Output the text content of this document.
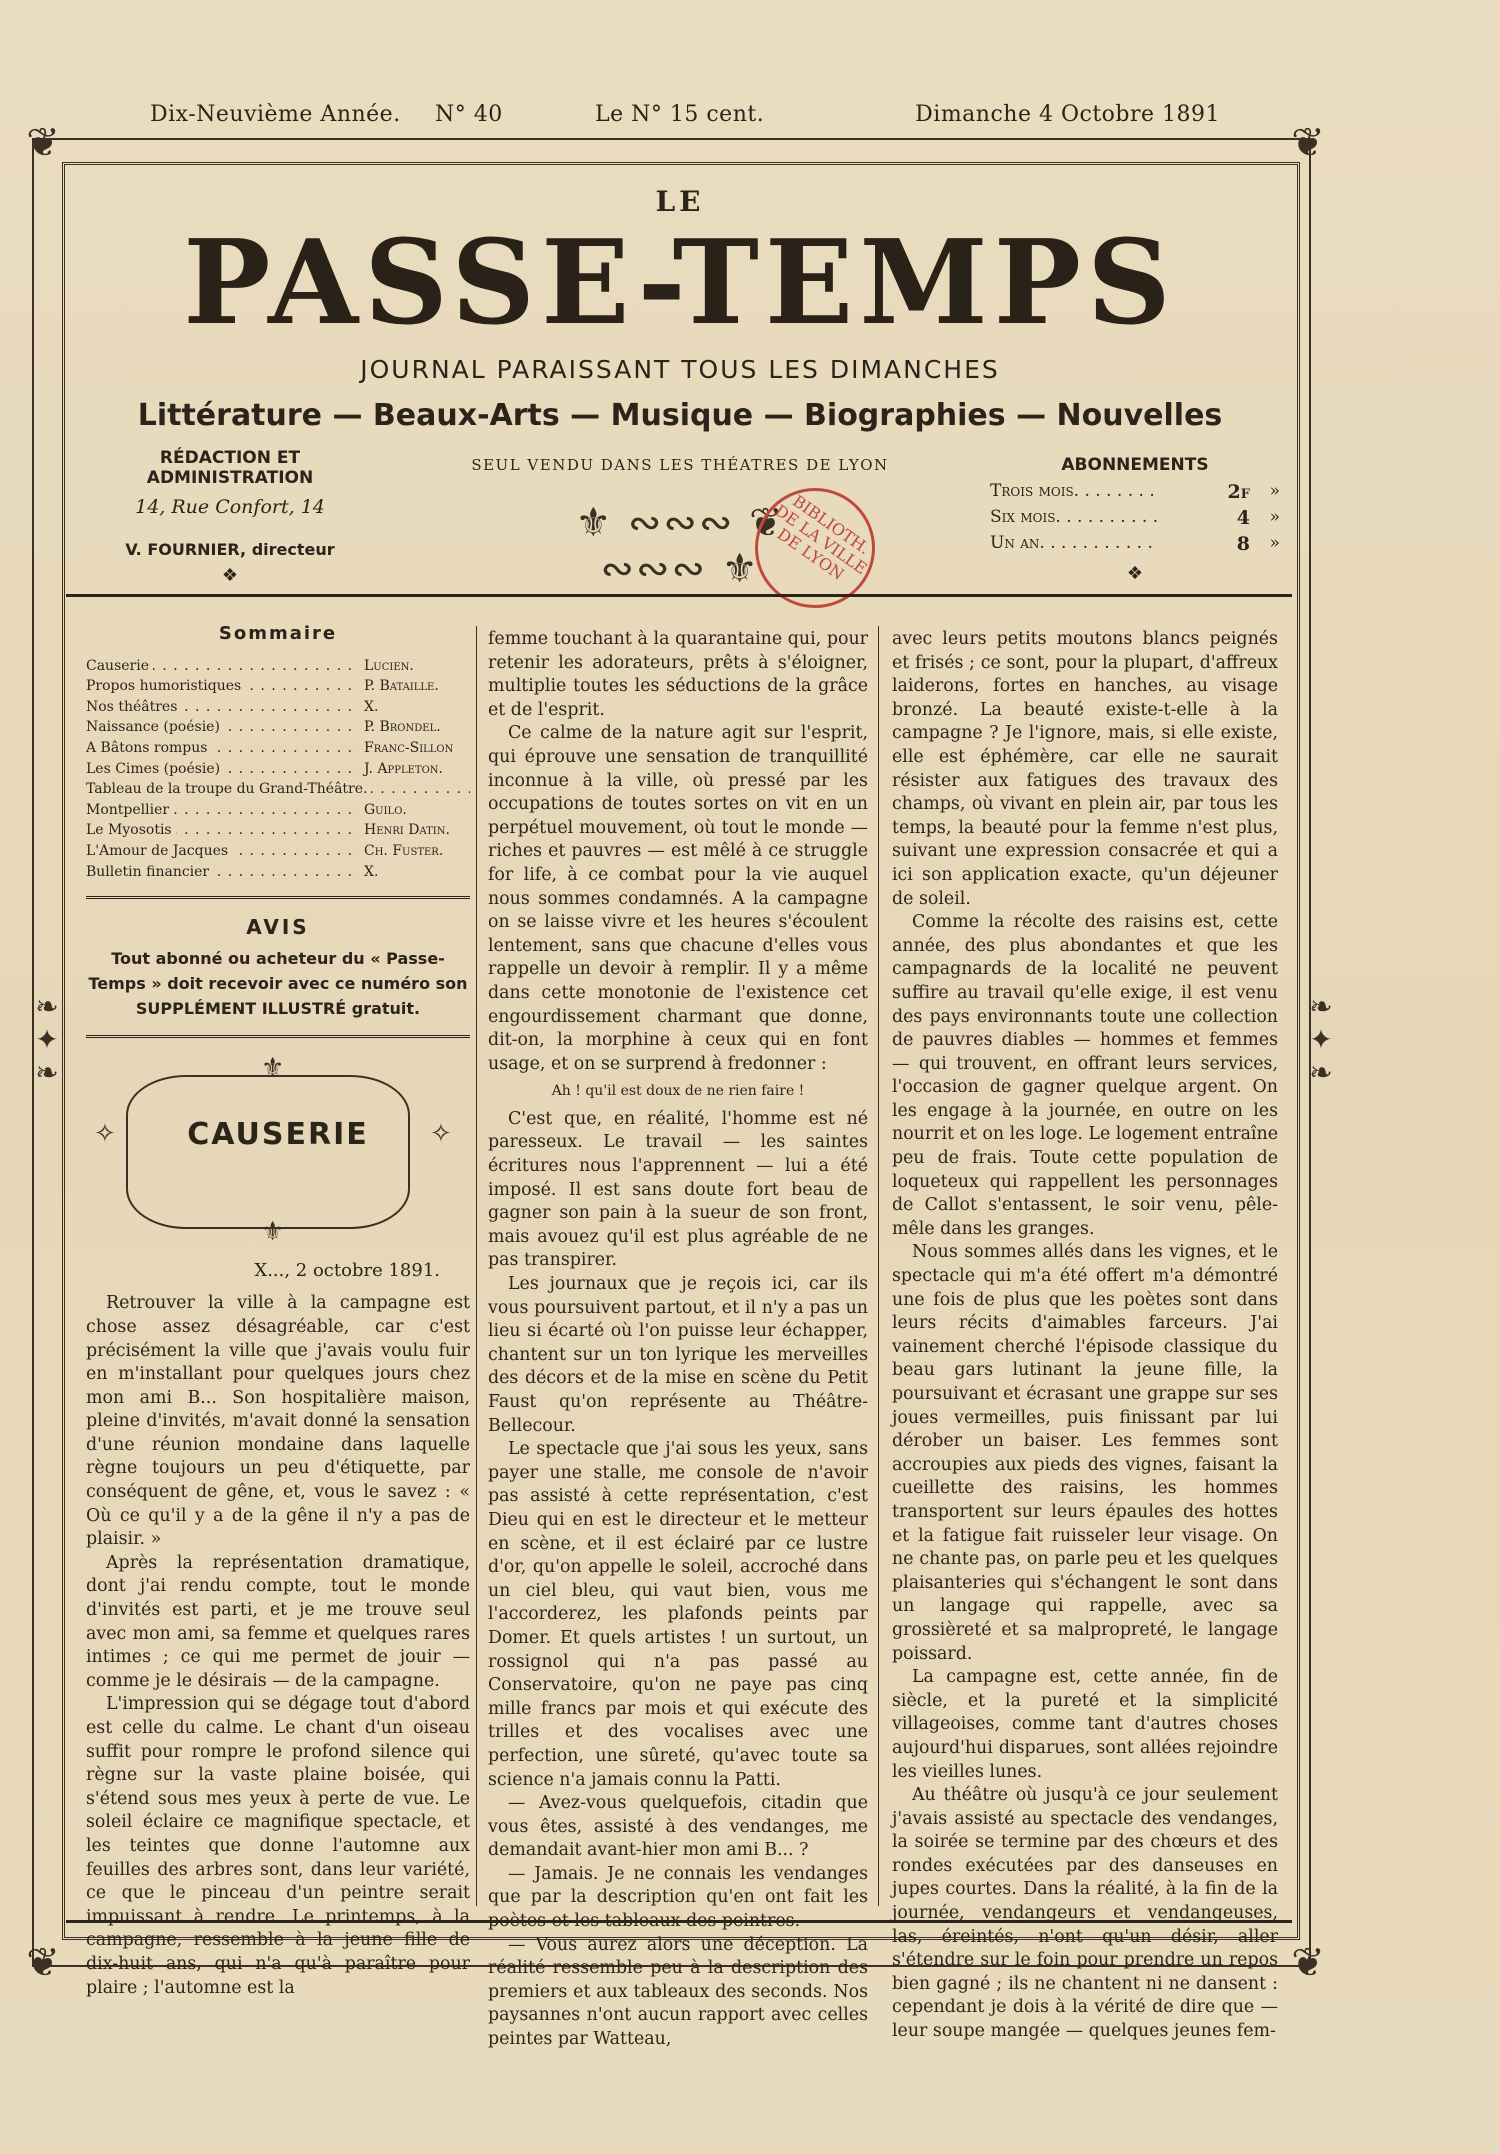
Dix-Neuvième Année. N° 40	Le N° 15 cent.	Dimanche 4 Octobre 1891
❦	❦
❦	❦
❧
✦
❧
❧
✦
❧
LE
PASSE-TEMPS
JOURNAL PARAISSANT TOUS LES DIMANCHES
Littérature — Beaux-Arts — Musique — Biographies — Nouvelles
RÉDACTION ET ADMINISTRATION
14, Rue Confort, 14
V. FOURNIER, directeur
❖
SEUL VENDU DANS LES THÉATRES DE LYON
⚜ ∾∾∾ ❦ ∾∾∾ ⚜
BIBLIOTH. DE LA VILLE DE LYON
ABONNEMENTS
Trois mois. . . . . . . .	2f »
Six mois. . . . . . . . . .	4 »
Un an. . . . . . . . . . .	8 »
❖
Sommaire
. . . Causerie	Lucien.
. . . Propos humoristiques	P. Bataille.
. . . Nos théâtres	X.
. . . Naissance (poésie)	P. Brondel.
. . . A Bâtons rompus	Franc-Sillon
. . . Les Cimes (poésie)	J. Appleton.
. . . Tableau de la troupe du Grand-Théâtre.
. . . Montpellier	Guilo.
. . . Le Myosotis	Henri Datin.
. . . L'Amour de Jacques	Ch. Fuster.
. . . Bulletin financier	X.
AVIS
Tout abonné ou acheteur du « Passe-Temps » doit recevoir avec ce numéro son SUPPLÉMENT ILLUSTRÉ gratuit.
⚜
⚜
✧	✧
CAUSERIE
X..., 2 octobre 1891.

Retrouver la ville à la campagne est chose assez désagréable, car c'est précisément la ville que j'avais voulu fuir en m'installant pour quelques jours chez mon ami B... Son hospitalière maison, pleine d'invités, m'avait donné la sensation d'une réunion mondaine dans laquelle règne toujours un peu d'étiquette, par conséquent de gêne, et, vous le savez : « Où ce qu'il y a de la gêne il n'y a pas de plaisir. »

Après la représentation dramatique, dont j'ai rendu compte, tout le monde d'invités est parti, et je me trouve seul avec mon ami, sa femme et quelques rares intimes ; ce qui me permet de jouir — comme je le désirais — de la campagne.

L'impression qui se dégage tout d'abord est celle du calme. Le chant d'un oiseau suffit pour rompre le profond silence qui règne sur la vaste plaine boisée, qui s'étend sous mes yeux à perte de vue. Le soleil éclaire ce magnifique spectacle, et les teintes que donne l'automne aux feuilles des arbres sont, dans leur variété, ce que le pinceau d'un peintre serait impuissant à rendre. Le printemps, à la campagne, ressemble à la jeune fille de dix-huit ans, qui n'a qu'à paraître pour plaire ; l'automne est la

femme touchant à la quarantaine qui, pour retenir les adorateurs, prêts à s'éloigner, multiplie toutes les séductions de la grâce et de l'esprit.

Ce calme de la nature agit sur l'esprit, qui éprouve une sensation de tranquillité inconnue à la ville, où pressé par les occupations de toutes sortes on vit en un perpétuel mouvement, où tout le monde — riches et pauvres — est mêlé à ce struggle for life, à ce combat pour la vie auquel nous sommes condamnés. A la campagne on se laisse vivre et les heures s'écoulent lentement, sans que chacune d'elles vous rappelle un devoir à remplir. Il y a même dans cette monotonie de l'existence cet engourdissement charmant que donne, dit-on, la morphine à ceux qui en font usage, et on se surprend à fredonner :

Ah ! qu'il est doux de ne rien faire !

C'est que, en réalité, l'homme est né paresseux. Le travail — les saintes écritures nous l'apprennent — lui a été imposé. Il est sans doute fort beau de gagner son pain à la sueur de son front, mais avouez qu'il est plus agréable de ne pas transpirer.

Les journaux que je reçois ici, car ils vous poursuivent partout, et il n'y a pas un lieu si écarté où l'on puisse leur échapper, chantent sur un ton lyrique les merveilles des décors et de la mise en scène du Petit Faust qu'on représente au Théâtre-Bellecour.

Le spectacle que j'ai sous les yeux, sans payer une stalle, me console de n'avoir pas assisté à cette représentation, c'est Dieu qui en est le directeur et le metteur en scène, et il est éclairé par ce lustre d'or, qu'on appelle le soleil, accroché dans un ciel bleu, qui vaut bien, vous me l'accorderez, les plafonds peints par Domer. Et quels artistes ! un surtout, un rossignol qui n'a pas passé au Conservatoire, qu'on ne paye pas cinq mille francs par mois et qui exécute des trilles et des vocalises avec une perfection, une sûreté, qu'avec toute sa science n'a jamais connu la Patti.

— Avez-vous quelquefois, citadin que vous êtes, assisté à des vendanges, me demandait avant-hier mon ami B... ?

— Jamais. Je ne connais les vendanges que par la description qu'en ont fait les poètes et les tableaux des peintres.

— Vous aurez alors une déception. La réalité ressemble peu à la description des premiers et aux tableaux des seconds. Nos paysannes n'ont aucun rapport avec celles peintes par Watteau,

avec leurs petits moutons blancs peignés et frisés ; ce sont, pour la plupart, d'affreux laiderons, fortes en hanches, au visage bronzé. La beauté existe-t-elle à la campagne ? Je l'ignore, mais, si elle existe, elle est éphémère, car elle ne saurait résister aux fatigues des travaux des champs, où vivant en plein air, par tous les temps, la beauté pour la femme n'est plus, suivant une expression consacrée et qui a ici son application exacte, qu'un déjeuner de soleil.

Comme la récolte des raisins est, cette année, des plus abondantes et que les campagnards de la localité ne peuvent suffire au travail qu'elle exige, il est venu des pays environnants toute une collection de pauvres diables — hommes et femmes — qui trouvent, en offrant leurs services, l'occasion de gagner quelque argent. On les engage à la journée, en outre on les nourrit et on les loge. Le logement entraîne peu de frais. Toute cette population de loqueteux qui rappellent les personnages de Callot s'entassent, le soir venu, pêle-mêle dans les granges.

Nous sommes allés dans les vignes, et le spectacle qui m'a été offert m'a démontré une fois de plus que les poètes sont dans leurs récits d'aimables farceurs. J'ai vainement cherché l'épisode classique du beau gars lutinant la jeune fille, la poursuivant et écrasant une grappe sur ses joues vermeilles, puis finissant par lui dérober un baiser. Les femmes sont accroupies aux pieds des vignes, faisant la cueillette des raisins, les hommes transportent sur leurs épaules des hottes et la fatigue fait ruisseler leur visage. On ne chante pas, on parle peu et les quelques plaisanteries qui s'échangent le sont dans un langage qui rappelle, avec sa grossièreté et sa malpropreté, le langage poissard.

La campagne est, cette année, fin de siècle, et la pureté et la simplicité villageoises, comme tant d'autres choses aujourd'hui disparues, sont allées rejoindre les vieilles lunes.

Au théâtre où jusqu'à ce jour seulement j'avais assisté au spectacle des vendanges, la soirée se termine par des chœurs et des rondes exécutées par des danseuses en jupes courtes. Dans la réalité, à la fin de la journée, vendangeurs et vendangeuses, las, éreintés, n'ont qu'un désir, aller s'étendre sur le foin pour prendre un repos bien gagné ; ils ne chantent ni ne dansent : cependant je dois à la vérité de dire que — leur soupe mangée — quelques jeunes fem-
